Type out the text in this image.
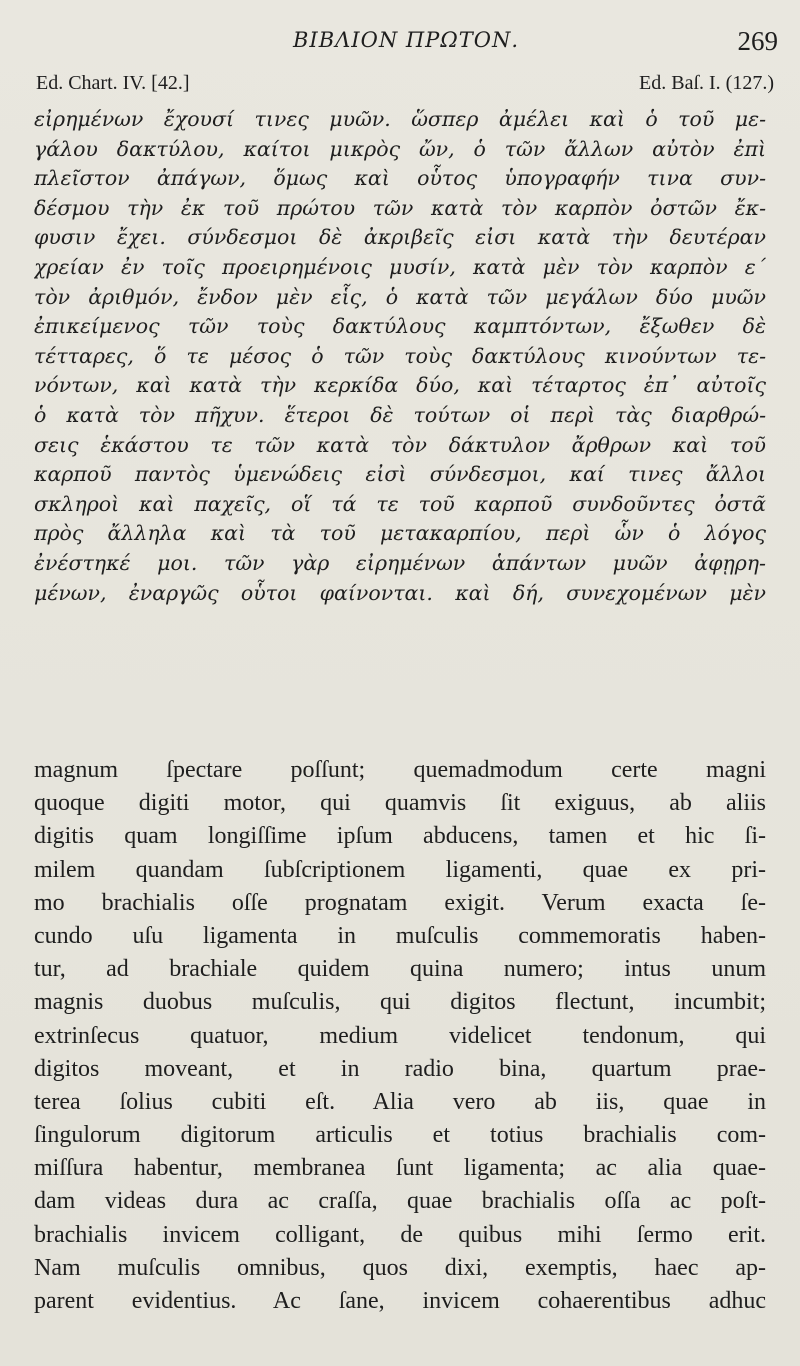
ΒΙΒΛΙΟΝ ΠΡΩΤΟΝ.	269
Ed. Chart. IV. [42.]	Ed. Baſ. I. (127.)
εἰρημένων ἔχουσί τινες μυῶν. ὥσπερ ἀμέλει καὶ ὁ τοῦ με-
γάλου δακτύλου, καίτοι μικρὸς ὤν, ὁ τῶν ἄλλων αὐτὸν ἐπὶ
πλεῖστον ἀπάγων, ὅμως καὶ οὗτος ὑπογραφήν τινα συν-
δέσμου τὴν ἐκ τοῦ πρώτου τῶν κατὰ τὸν καρπὸν ὀστῶν ἔκ-
φυσιν ἔχει. σύνδεσμοι δὲ ἀκριβεῖς εἰσι κατὰ τὴν δευτέραν
χρείαν ἐν τοῖς προειρημένοις μυσίν, κατὰ μὲν τὸν καρπὸν ε΄
τὸν ἀριθμόν, ἔνδον μὲν εἷς, ὁ κατὰ τῶν μεγάλων δύο μυῶν
ἐπικείμενος τῶν τοὺς δακτύλους καμπτόντων, ἔξωθεν δὲ
τέτταρες, ὅ τε μέσος ὁ τῶν τοὺς δακτύλους κινούντων τε-
νόντων, καὶ κατὰ τὴν κερκίδα δύο, καὶ τέταρτος ἐπ᾽ αὐτοῖς
ὁ κατὰ τὸν πῆχυν. ἕτεροι δὲ τούτων οἱ περὶ τὰς διαρθρώ-
σεις ἑκάστου τε τῶν κατὰ τὸν δάκτυλον ἄρθρων καὶ τοῦ
καρποῦ παντὸς ὑμενώδεις εἰσὶ σύνδεσμοι, καί τινες ἄλλοι
σκληροὶ καὶ παχεῖς, οἵ τά τε τοῦ καρποῦ συνδοῦντες ὀστᾶ
πρὸς ἄλληλα καὶ τὰ τοῦ μετακαρπίου, περὶ ὧν ὁ λόγος
ἐνέστηκέ μοι. τῶν γὰρ εἰρημένων ἁπάντων μυῶν ἀφῃρη-
μένων, ἐναργῶς οὗτοι φαίνονται. καὶ δή, συνεχομένων μὲν
magnum ſpectare poſſunt; quemadmodum certe magni
quoque digiti motor, qui quamvis ſit exiguus, ab aliis
digitis quam longiſſime ipſum abducens, tamen et hic ſi-
milem quandam ſubſcriptionem ligamenti, quae ex pri-
mo brachialis oſſe prognatam exigit. Verum exacta ſe-
cundo uſu ligamenta in muſculis commemoratis haben-
tur, ad brachiale quidem quina numero; intus unum
magnis duobus muſculis, qui digitos flectunt, incumbit;
extrinſecus quatuor, medium videlicet tendonum, qui
digitos moveant, et in radio bina, quartum prae-
terea ſolius cubiti eſt. Alia vero ab iis, quae in
ſingulorum digitorum articulis et totius brachialis com-
miſſura habentur, membranea ſunt ligamenta; ac alia quae-
dam videas dura ac craſſa, quae brachialis oſſa ac poſt-
brachialis invicem colligant, de quibus mihi ſermo erit.
Nam muſculis omnibus, quos dixi, exemptis, haec ap-
parent evidentius. Ac ſane, invicem cohaerentibus adhuc
